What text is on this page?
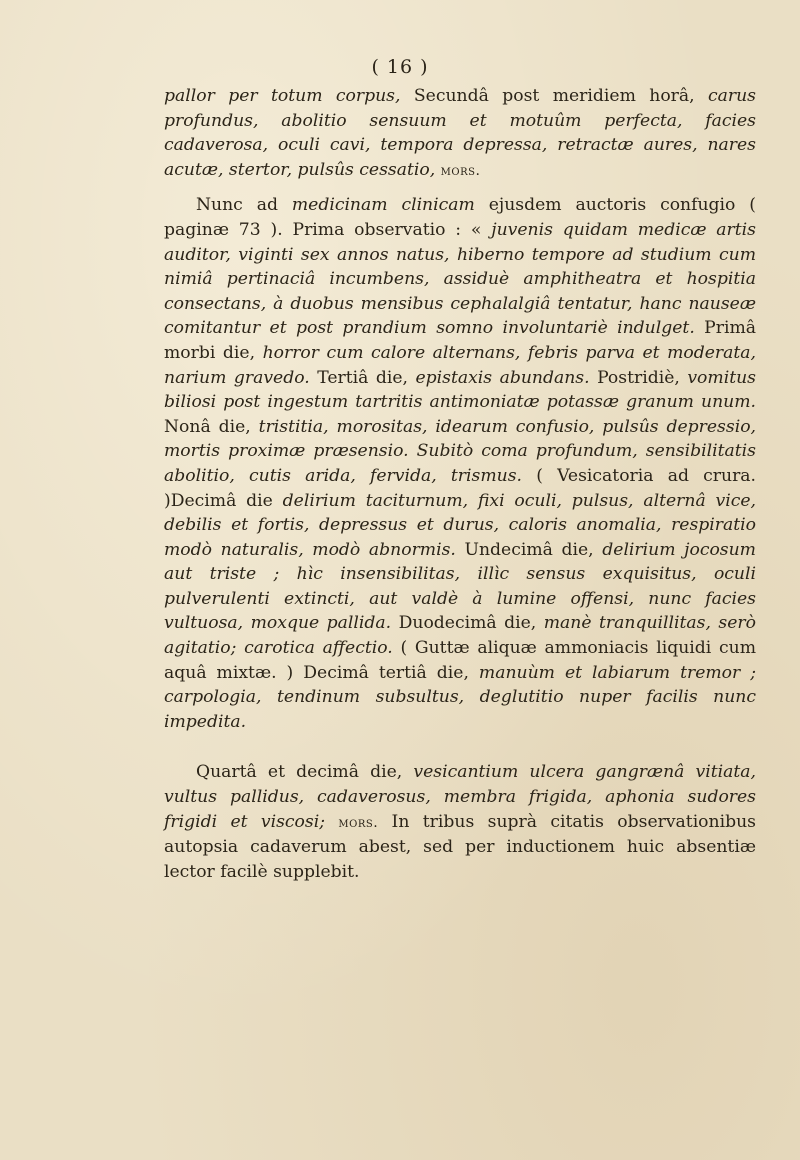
( 16 )

pallor per totum corpus, Secundâ post meridiem horâ, carus profundus, abolitio sensuum et motuûm perfecta, facies cadaverosa, oculi cavi, tempora depressa, retractæ aures, nares acutæ, stertor, pulsûs cessatio, mors.

Nunc ad medicinam clinicam ejusdem auctoris confugio ( paginæ 73 ). Prima observatio : « juvenis quidam medicæ artis auditor, viginti sex annos natus, hiberno tempore ad studium cum nimiâ pertinaciâ incumbens, assiduè amphitheatra et hospitia consectans, à duobus mensibus cephalalgiâ tentatur, hanc nauseæ comitantur et post prandium somno involuntariè indulget. Primâ morbi die, horror cum calore alternans, febris parva et moderata, narium gravedo. Tertiâ die, epistaxis abundans. Postridiè, vomitus biliosi post ingestum tartritis antimoniatæ potassæ granum unum. Nonâ die, tristitia, morositas, idearum confusio, pulsûs depressio, mortis proximæ præsensio. Subitò coma profundum, sensibilitatis abolitio, cutis arida, fervida, trismus. ( Vesicatoria ad crura. )Decimâ die delirium taciturnum, fixi oculi, pulsus, alternâ vice, debilis et fortis, depressus et durus, caloris anomalia, respiratio modò naturalis, modò abnormis. Undecimâ die, delirium jocosum aut triste ; hìc insensibilitas, illìc sensus exquisitus, oculi pulverulenti extincti, aut valdè à lumine offensi, nunc facies vultuosa, moxque pallida. Duodecimâ die, manè tranquillitas, serò agitatio; carotica affectio. ( Guttæ aliquæ ammoniacis liquidi cum aquâ mixtæ. ) Decimâ tertiâ die, manuùm et labiarum tremor ; carpologia, tendinum subsultus, deglutitio nuper facilis nunc impedita.

Quartâ et decimâ die, vesicantium ulcera gangrænâ vitiata, vultus pallidus, cadaverosus, membra frigida, aphonia sudores frigidi et viscosi; mors. In tribus suprà citatis observationibus autopsia cadaverum abest, sed per inductionem huic absentiæ lector facilè supplebit.
